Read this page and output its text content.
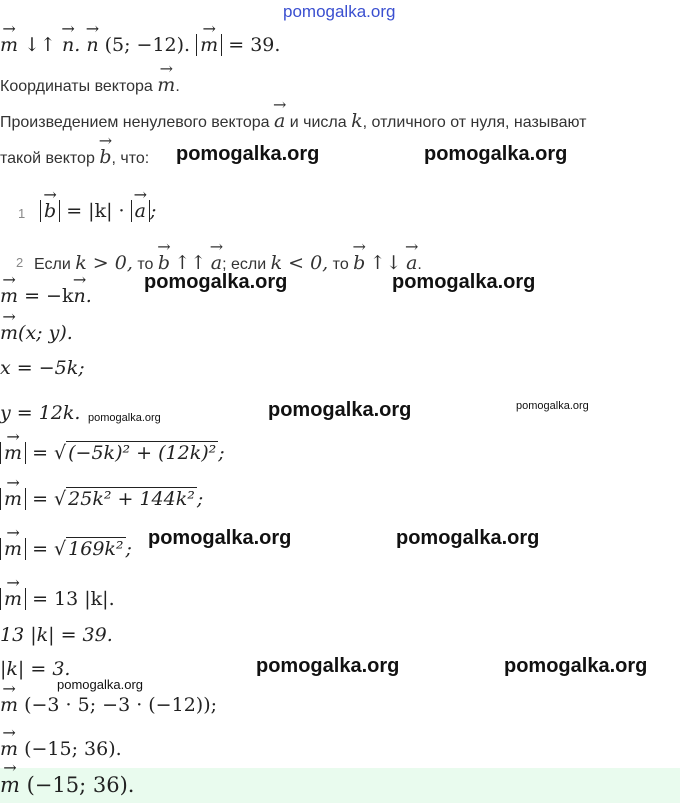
pomogalka.org
→ m ↓↑ → n. → n (5; −12). → m = 39.
Координаты вектора → m.
Произведением ненулевого вектора → a и числа k, отличного от нуля, называют
такой вектор → b, что: pomogalka.org	pomogalka.org
1 → b = |k| · → a ;
2 Если k > 0, то → b ↑↑ → a; если k < 0, то → b ↑↓ → a.
pomogalka.org	pomogalka.org
→ m = −k→ n.
→ m(x; y).
x = −5k;
y = 12k. pomogalka.org	pomogalka.org	pomogalka.org
→ m = √ (−5k)² + (12k)² ;
→ m = √ 25k² + 144k² ;
→ m = √ 169k² ; pomogalka.org	pomogalka.org
→ m = 13 |k|.
13 |k| = 39.
|k| = 3.	pomogalka.org	pomogalka.org
pomogalka.org
→ m (−3 · 5; −3 · (−12));
→ m (−15; 36).
→ m (−15; 36).
